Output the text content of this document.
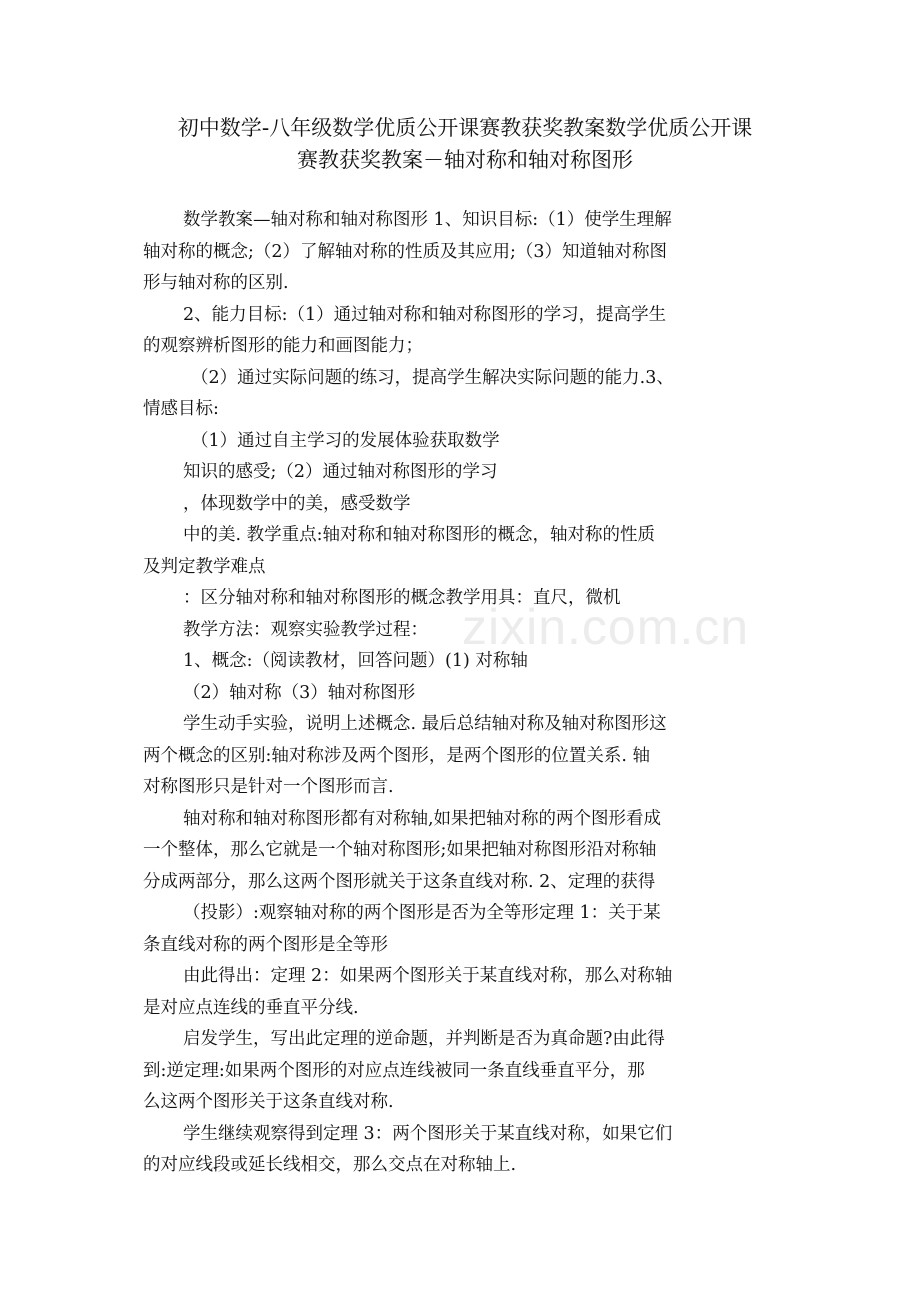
初中数学-八年级数学优质公开课赛教获奖教案数学优质公开课
赛教获奖教案－轴对称和轴对称图形
zixin.com.cn

数学教案—轴对称和轴对称图形 1、知识目标:（1）使学生理解
轴对称的概念;（2）了解轴对称的性质及其应用;（3）知道轴对称图
形与轴对称的区别.

2、能力目标:（1）通过轴对称和轴对称图形的学习，提高学生
的观察辨析图形的能力和画图能力；

（2）通过实际问题的练习，提高学生解决实际问题的能力.3、
情感目标:

（1）通过自主学习的发展体验获取数学
知识的感受;（2）通过轴对称图形的学习
，体现数学中的美，感受数学
中的美. 教学重点:轴对称和轴对称图形的概念，轴对称的性质
及判定教学难点
：区分轴对称和轴对称图形的概念教学用具：直尺，微机
教学方法：观察实验教学过程：
1、概念:（阅读教材，回答问题）(1) 对称轴
（2）轴对称（3）轴对称图形

学生动手实验，说明上述概念. 最后总结轴对称及轴对称图形这
两个概念的区别:轴对称涉及两个图形，是两个图形的位置关系. 轴
对称图形只是针对一个图形而言.

轴对称和轴对称图形都有对称轴,如果把轴对称的两个图形看成
一个整体，那么它就是一个轴对称图形;如果把轴对称图形沿对称轴
分成两部分，那么这两个图形就关于这条直线对称. 2、定理的获得
（投影）:观察轴对称的两个图形是否为全等形定理 1：关于某
条直线对称的两个图形是全等形

由此得出：定理 2：如果两个图形关于某直线对称，那么对称轴
是对应点连线的垂直平分线.

启发学生，写出此定理的逆命题，并判断是否为真命题?由此得
到:逆定理:如果两个图形的对应点连线被同一条直线垂直平分，那
么这两个图形关于这条直线对称.

学生继续观察得到定理 3：两个图形关于某直线对称，如果它们
的对应线段或延长线相交，那么交点在对称轴上.
